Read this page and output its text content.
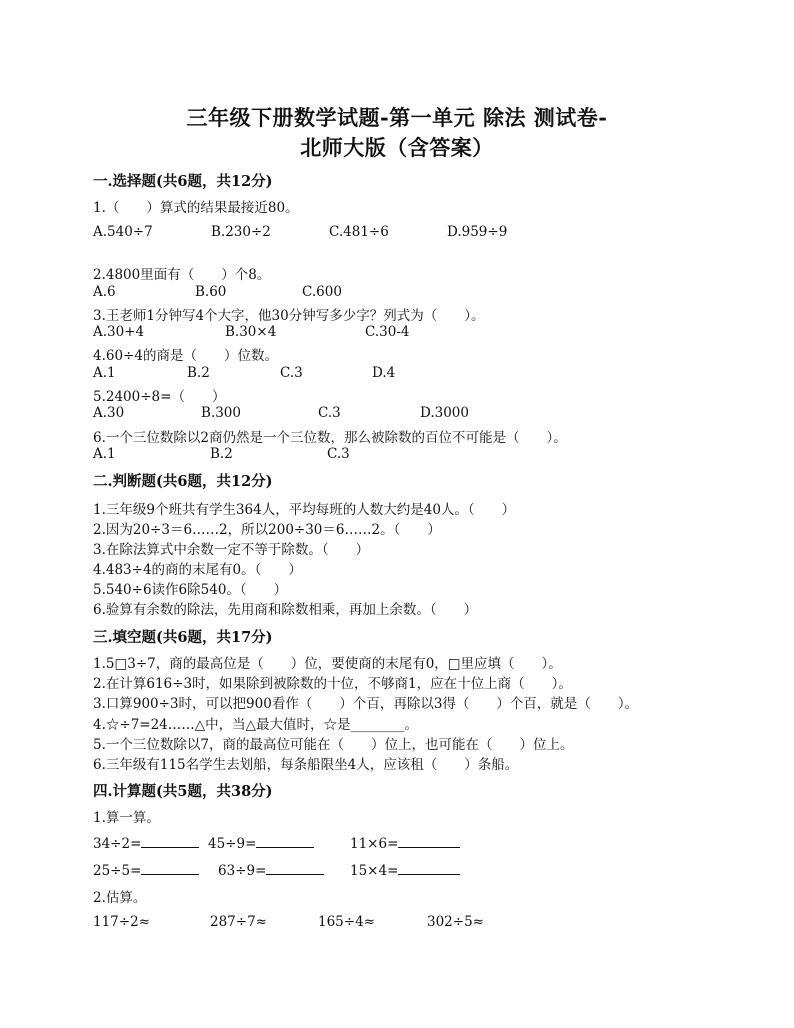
三年级下册数学试题-第一单元 除法 测试卷-
北师大版（含答案）
一.选择题(共6题，共12分)
1.（　　）算式的结果最接近80。
A.540÷7	B.230÷2	C.481÷6	D.959÷9
2.4800里面有（　　）个8。
A.6	B.60	C.600
3.王老师1分钟写4个大字，他30分钟写多少字？列式为（　　）。
A.30+4	B.30×4	C.30-4
4.60÷4的商是（　　）位数。
A.1	B.2	C.3	D.4
5.2400÷8=（　　）
A.30	B.300	C.3	D.3000
6.一个三位数除以2商仍然是一个三位数，那么被除数的百位不可能是（　　）。
A.1	B.2	C.3
二.判断题(共6题，共12分)
1.三年级9个班共有学生364人，平均每班的人数大约是40人。（　　）
2.因为20÷3＝6……2，所以200÷30＝6……2。（　　）
3.在除法算式中余数一定不等于除数。（　　）
4.483÷4的商的末尾有0。（　　）
5.540÷6读作6除540。（　　）
6.验算有余数的除法，先用商和除数相乘，再加上余数。（　　）
三.填空题(共6题，共17分)
1.5□3÷7，商的最高位是（　　）位，要使商的末尾有0，□里应填（　　）。
2.在计算616÷3时，如果除到被除数的十位，不够商1，应在十位上商（　　）。
3.口算900÷3时，可以把900看作（　　）个百，再除以3得（　　）个百，就是（　　）。
4.☆÷7=24……△中，当△最大值时，☆是________。
5.一个三位数除以7，商的最高位可能在（　　）位上，也可能在（　　）位上。
6.三年级有115名学生去划船，每条船限坐4人，应该租（　　）条船。
四.计算题(共5题，共38分)
1.算一算。
34÷2=	45÷9=	11×6=
25÷5=	63÷9=	15×4=
2.估算。
117÷2≈	287÷7≈	165÷4≈	302÷5≈
